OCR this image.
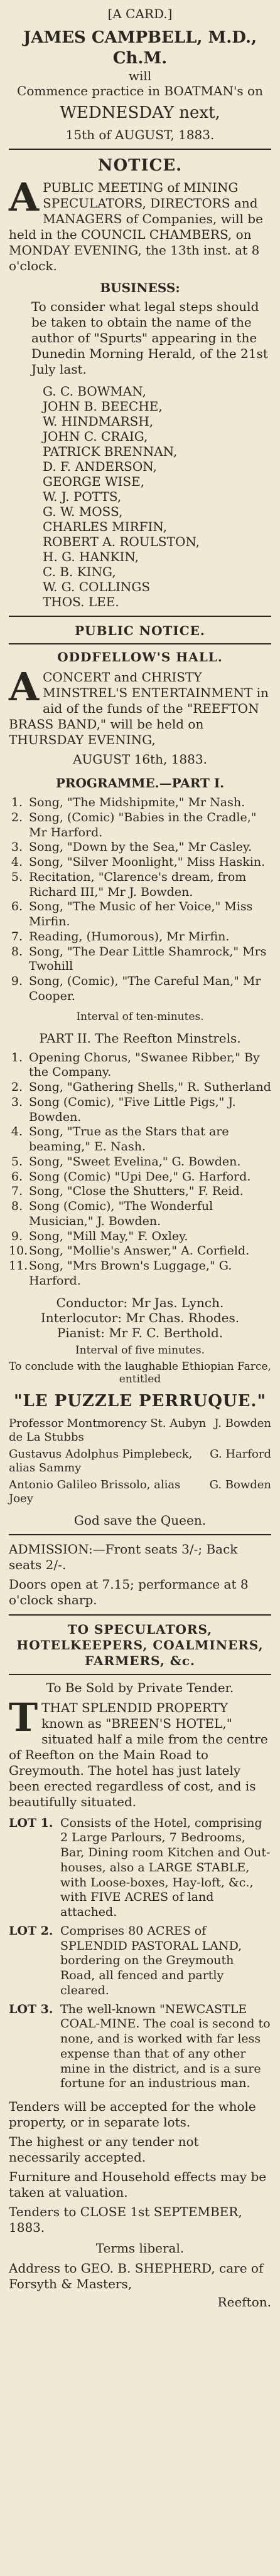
[A CARD.]
JAMES CAMPBELL, M.D., Ch.M.
will
Commence practice in BOATMAN's on
WEDNESDAY next,
15th of AUGUST, 1883.
NOTICE.
A PUBLIC MEETING of MINING SPECULATORS, DIRECTORS and MANAGERS of Companies, will be held in the COUNCIL CHAMBERS, on MONDAY EVENING, the 13th inst. at 8 o'clock.
BUSINESS:
To consider what legal steps should be taken to obtain the name of the author of "Spurts" appearing in the Dunedin Morning Herald, of the 21st July last.
G. C. BOWMAN,
JOHN B. BEECHE,
W. HINDMARSH,
JOHN C. CRAIG,
PATRICK BRENNAN,
D. F. ANDERSON,
GEORGE WISE,
W. J. POTTS,
G. W. MOSS,
CHARLES MIRFIN,
ROBERT A. ROULSTON,
H. G. HANKIN,
C. B. KING,
W. G. COLLINGS
THOS. LEE.
PUBLIC NOTICE.
ODDFELLOW'S HALL.
A CONCERT and CHRISTY MINSTREL'S ENTERTAINMENT in aid of the funds of the "REEFTON BRASS BAND," will be held on THURSDAY EVENING,
AUGUST 16th, 1883.
PROGRAMME.—PART I.
1. Song, "The Midshipmite," Mr Nash.
2. Song, (Comic) "Babies in the Cradle," Mr Harford.
3. Song, "Down by the Sea," Mr Casley.
4. Song, "Silver Moonlight," Miss Haskin.
5. Recitation, "Clarence's dream, from Richard III," Mr J. Bowden.
6. Song, "The Music of her Voice," Miss Mirfin.
7. Reading, (Humorous), Mr Mirfin.
8. Song, "The Dear Little Shamrock," Mrs Twohill
9. Song, (Comic), "The Careful Man," Mr Cooper.
Interval of ten-minutes.
PART II. The Reefton Minstrels.
1. Opening Chorus, "Swanee Ribber," By the Company.
2. Song, "Gathering Shells," R. Sutherland
3. Song (Comic), "Five Little Pigs," J. Bowden.
4. Song, "True as the Stars that are beaming," E. Nash.
5. Song, "Sweet Evelina," G. Bowden.
6. Song (Comic) "Upi Dee," G. Harford.
7. Song, "Close the Shutters," F. Reid.
8. Song (Comic), "The Wonderful Musician," J. Bowden.
9. Song, "Mill May," F. Oxley.
10. Song, "Mollie's Answer," A. Corfield.
11. Song, "Mrs Brown's Luggage," G. Harford.
Conductor: Mr Jas. Lynch.
Interlocutor: Mr Chas. Rhodes.
Pianist: Mr F. C. Berthold.
Interval of five minutes.
To conclude with the laughable Ethiopian Farce, entitled
"LE PUZZLE PERRUQUE."
Professor Montmorency St. Aubyn de La Stubbs
J. Bowden
Gustavus Adolphus Pimplebeck, alias Sammy
G. Harford
Antonio Galileo Brissolo, alias Joey
G. Bowden
God save the Queen.
ADMISSION:—Front seats 3/-; Back seats 2/-.
Doors open at 7.15; performance at 8 o'clock sharp.
TO SPECULATORS, HOTELKEEPERS, COALMINERS, FARMERS, &c.
To Be Sold by Private Tender.
T THAT SPLENDID PROPERTY known as "BREEN'S HOTEL," situated half a mile from the centre of Reefton on the Main Road to Greymouth. The hotel has just lately been erected regardless of cost, and is beautifully situated.
LOT 1. Consists of the Hotel, comprising 2 Large Parlours, 7 Bedrooms, Bar, Dining room Kitchen and Out-houses, also a LARGE STABLE, with Loose-boxes, Hay-loft, &c., with FIVE ACRES of land attached.
LOT 2. Comprises 80 ACRES of SPLENDID PASTORAL LAND, bordering on the Greymouth Road, all fenced and partly cleared.
LOT 3. The well-known "NEWCASTLE COAL-MINE. The coal is second to none, and is worked with far less expense than that of any other mine in the district, and is a sure fortune for an industrious man.
Tenders will be accepted for the whole property, or in separate lots.
The highest or any tender not necessarily accepted.
Furniture and Household effects may be taken at valuation.
Tenders to CLOSE 1st SEPTEMBER, 1883.
Terms liberal.
Address to GEO. B. SHEPHERD, care of Forsyth & Masters,
Reefton.
